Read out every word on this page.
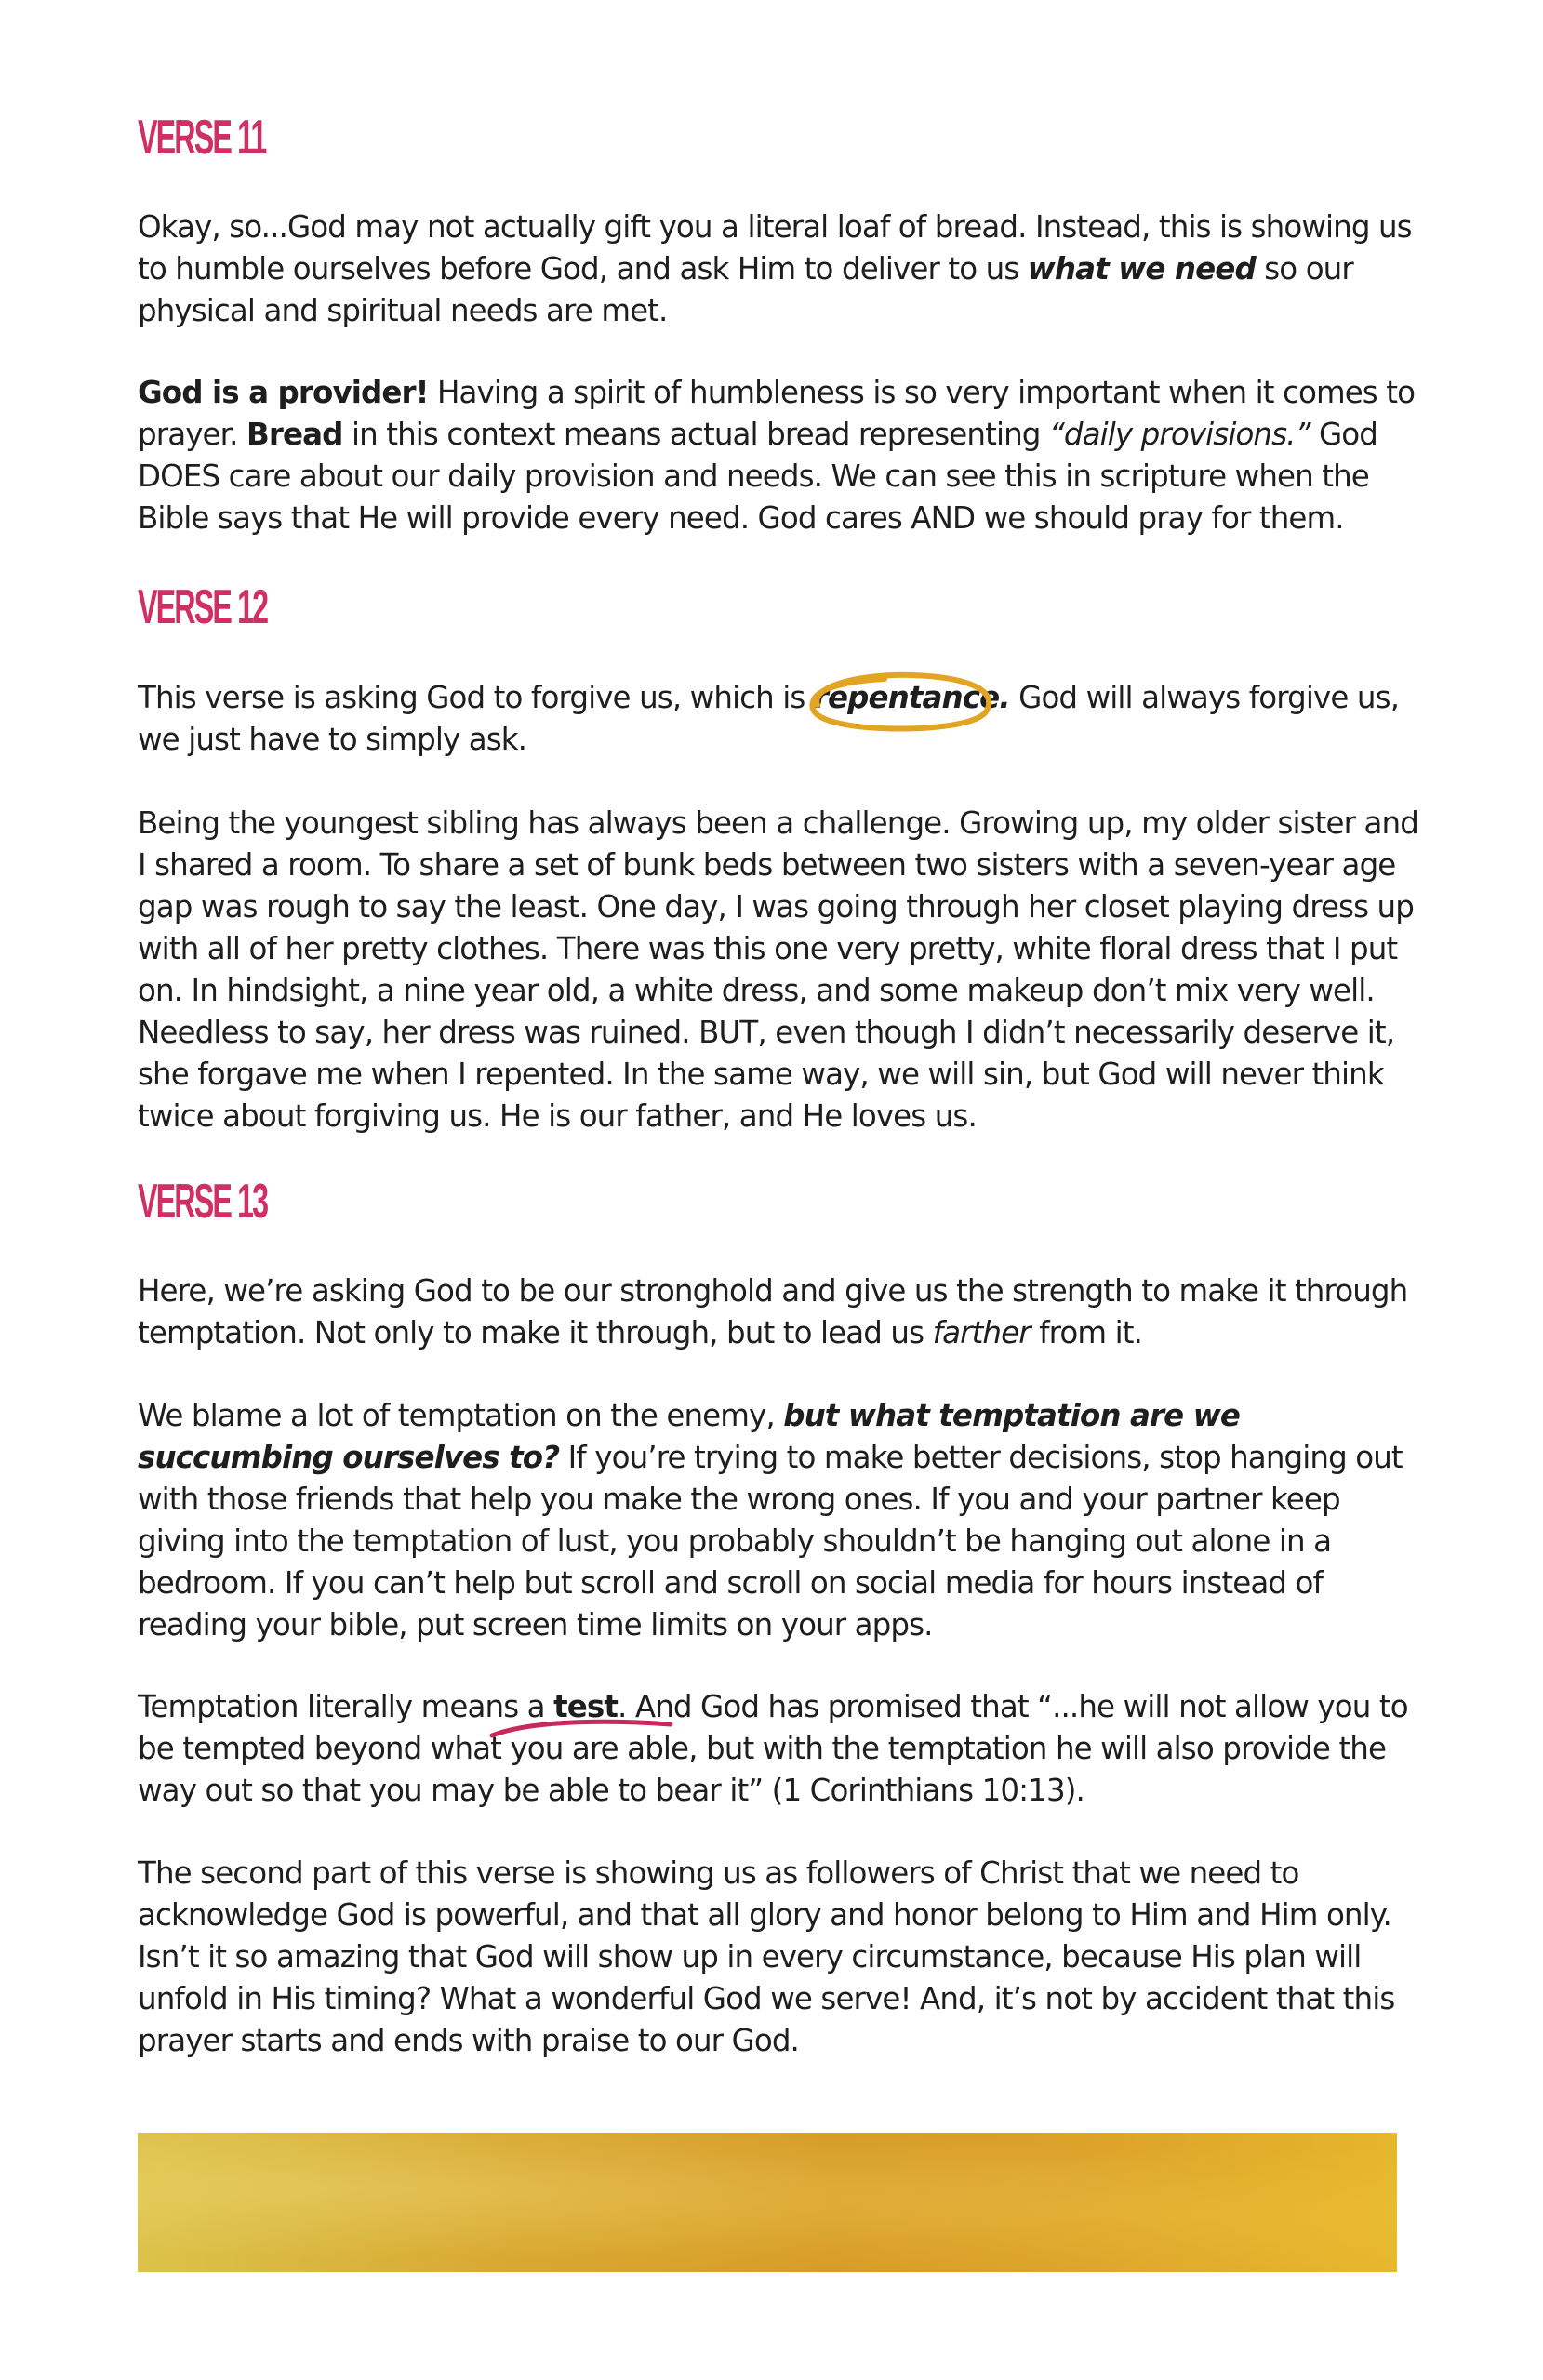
VERSE 11

Okay, so...God may not actually gift you a literal loaf of bread. Instead, this is showing us to humble ourselves before God, and ask Him to deliver to us what we need so our physical and spiritual needs are met.

God is a provider! Having a spirit of humbleness is so very important when it comes to prayer. Bread in this context means actual bread representing “daily provisions.” God DOES care about our daily provision and needs. We can see this in scripture when the Bible says that He will provide every need. God cares AND we should pray for them.

VERSE 12

This verse is asking God to forgive us, which is repentance.
God will always forgive us, we just have to simply ask.

Being the youngest sibling has always been a challenge. Growing up, my older sister and I shared a room. To share a set of bunk beds between two sisters with a seven-year age gap was rough to say the least. One day, I was going through her closet playing dress up with all of her pretty clothes. There was this one very pretty, white floral dress that I put on. In hindsight, a nine year old, a white dress, and some makeup don’t mix very well. Needless to say, her dress was ruined. BUT, even though I didn’t necessarily deserve it, she forgave me when I repented. In the same way, we will sin, but God will never think twice about forgiving us. He is our father, and He loves us.

VERSE 13

Here, we’re asking God to be our stronghold and give us the strength to make it through temptation. Not only to make it through, but to lead us farther from it.

We blame a lot of temptation on the enemy, but what temptation are we succumbing ourselves to? If you’re trying to make better decisions, stop hanging out with those friends that help you make the wrong ones. If you and your partner keep giving into the temptation of lust, you probably shouldn’t be hanging out alone in a bedroom. If you can’t help but scroll and scroll on social media for hours instead of reading your bible, put screen time limits on your apps.

Temptation literally means a test
. And God has promised that “...he will not allow you to be tempted beyond what you are able, but with the temptation he will also provide the way out so that you may be able to bear it” (1 Corinthians 10:13).

The second part of this verse is showing us as followers of Christ that we need to acknowledge God is powerful, and that all glory and honor belong to Him and Him only. Isn’t it so amazing that God will show up in every circumstance, because His plan will unfold in His timing? What a wonderful God we serve! And, it’s not by accident that this prayer starts and ends with praise to our God.
